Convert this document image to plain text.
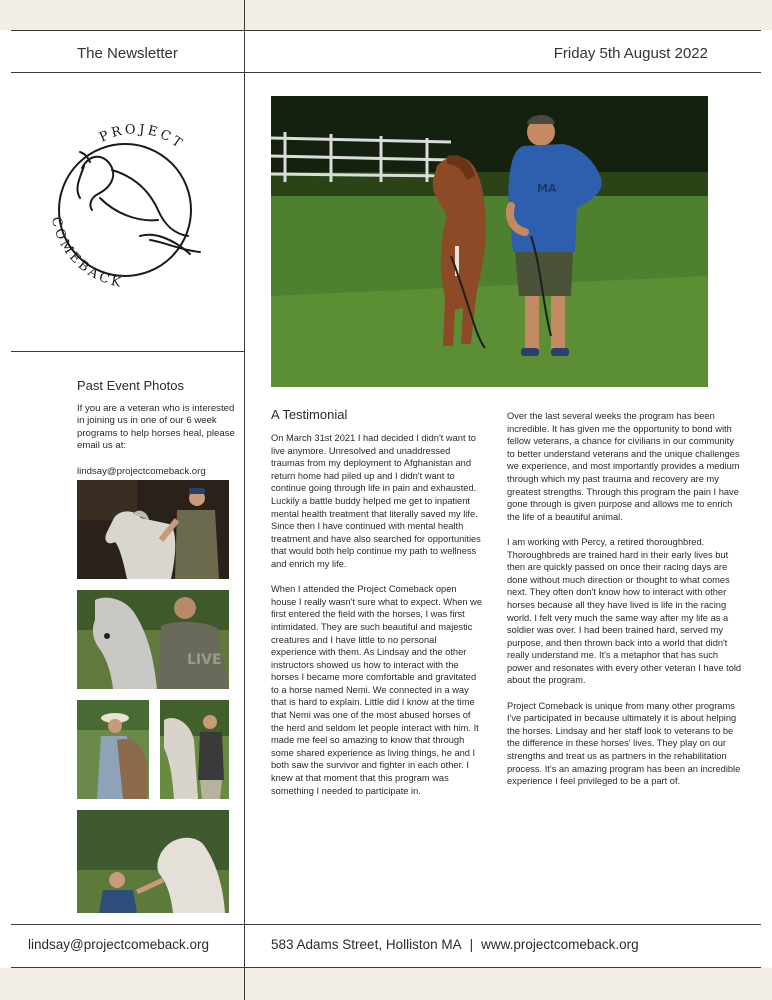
The Newsletter	Friday 5th August 2022
PROJECT
COMEBACK
Past Event Photos
If you are a veteran who is interested in joining us in one of our 6 week programs to help horses heal, please email us at:
lindsay@projectcomeback.org
LIVE
MA
A Testimonial

On March 31st 2021 I had decided I didn't want to live anymore. Unresolved and unaddressed traumas from my deployment to Afghanistan and return home had piled up and I didn't want to continue going through life in pain and exhausted. Luckily a battle buddy helped me get to inpatient mental health treatment that literally saved my life. Since then I have continued with mental health treatment and have also searched for opportunities that would both help continue my path to wellness and enrich my life.

When I attended the Project Comeback open house I really wasn't sure what to expect. When we first entered the field with the horses, I was first intimidated. They are such beautiful and majestic creatures and I have little to no personal experience with them. As Lindsay and the other instructors showed us how to interact with the horses I became more comfortable and gravitated to a horse named Nemi. We connected in a way that is hard to explain. Little did I know at the time that Nemi was one of the most abused horses of the herd and seldom let people interact with him. It made me feel so amazing to know that through some shared experience as living things, he and I both saw the survivor and fighter in each other. I knew at that moment that this program was something I needed to participate in.

Over the last several weeks the program has been incredible. It has given me the opportunity to bond with fellow veterans, a chance for civilians in our community to better understand veterans and the unique challenges we experience, and most importantly provides a medium through which my past trauma and recovery are my greatest strengths. Through this program the pain I have gone through is given purpose and allows me to enrich the life of a beautiful animal.

I am working with Percy, a retired thoroughbred. Thoroughbreds are trained hard in their early lives but then are quickly passed on once their racing days are done without much direction or thought to what comes next. They often don't know how to interact with other horses because all they have lived is life in the racing world. I felt very much the same way after my life as a soldier was over. I had been trained hard, served my purpose, and then thrown back into a world that didn't really understand me. It's a metaphor that has such power and resonates with every other veteran I have told about the program.

Project Comeback is unique from many other programs I've participated in because ultimately it is about helping the horses. Lindsay and her staff look to veterans to be the difference in these horses' lives. They play on our strengths and treat us as partners in the rehabilitation process. It's an amazing program has been an incredible experience I feel privileged to be a part of.

lindsay@projectcomeback.org	583 Adams Street, Holliston MA | www.projectcomeback.org
